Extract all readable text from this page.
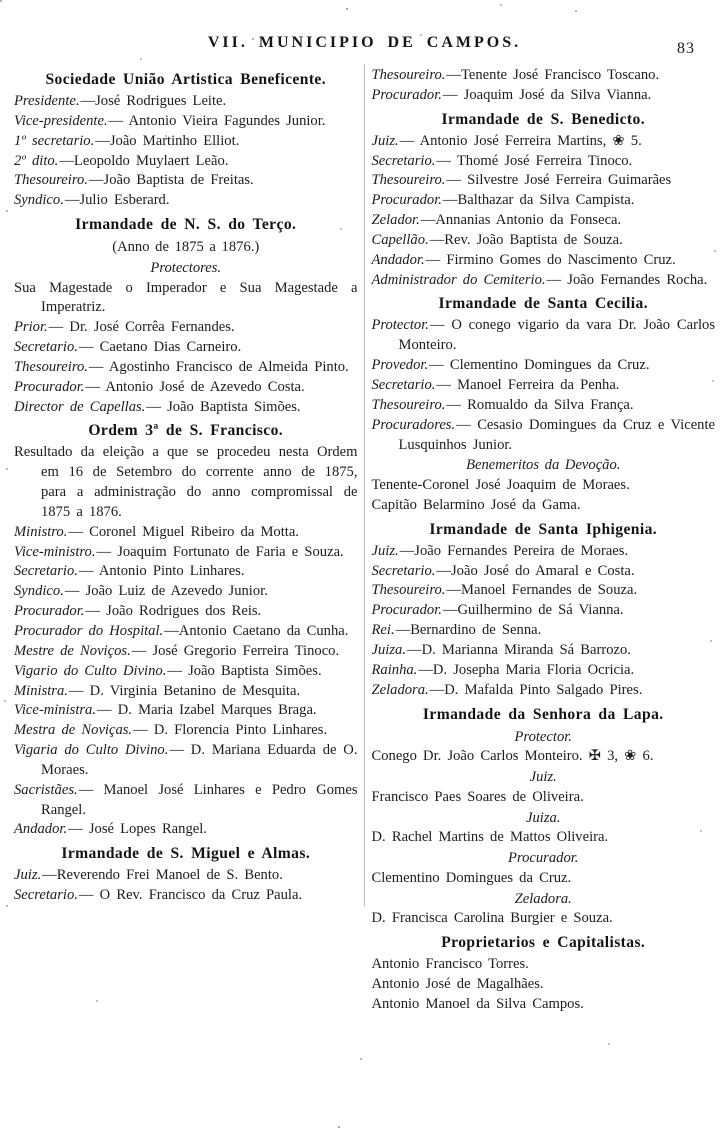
VII. MUNICIPIO DE CAMPOS.	83
Sociedade União Artistica Beneficente.

Presidente.—José Rodrigues Leite.

Vice-presidente.— Antonio Vieira Fagundes Junior.

1º secretario.—João Martinho Elliot.

2º dito.—Leopoldo Muylaert Leão.

Thesoureiro.—João Baptista de Freitas.

Syndico.—Julio Esberard.

Irmandade de N. S. do Terço.

(Anno de 1875 a 1876.)

Protectores.

Sua Magestade o Imperador e Sua Magestade a Imperatriz.

Prior.— Dr. José Corrêa Fernandes.

Secretario.— Caetano Dias Carneiro.

Thesoureiro.— Agostinho Francisco de Almeida Pinto.

Procurador.— Antonio José de Azevedo Costa.

Director de Capellas.— João Baptista Simões.

Ordem 3ª de S. Francisco.

Resultado da eleição a que se procedeu nesta Ordem em 16 de Setembro do corrente anno de 1875, para a administração do anno compromissal de 1875 a 1876.

Ministro.— Coronel Miguel Ribeiro da Motta.

Vice-ministro.— Joaquim Fortunato de Faria e Souza.

Secretario.— Antonio Pinto Linhares.

Syndico.— João Luiz de Azevedo Junior.

Procurador.— João Rodrigues dos Reis.

Procurador do Hospital.—Antonio Caetano da Cunha.

Mestre de Noviços.— José Gregorio Ferreira Tinoco.

Vigario do Culto Divino.— João Baptista Simões.

Ministra.— D. Virginia Betanino de Mesquita.

Vice-ministra.— D. Maria Izabel Marques Braga.

Mestra de Noviças.— D. Florencia Pinto Linhares.

Vigaria do Culto Divino.— D. Mariana Eduarda de O. Moraes.

Sacristães.— Manoel José Linhares e Pedro Gomes Rangel.

Andador.— José Lopes Rangel.

Irmandade de S. Miguel e Almas.

Juiz.—Reverendo Frei Manoel de S. Bento.

Secretario.— O Rev. Francisco da Cruz Paula.

Thesoureiro.—Tenente José Francisco Toscano.

Procurador.— Joaquim José da Silva Vianna.

Irmandade de S. Benedicto.

Juiz.— Antonio José Ferreira Martins, ❀ 5.

Secretario.— Thomé José Ferreira Tinoco.

Thesoureiro.— Silvestre José Ferreira Guimarães

Procurador.—Balthazar da Silva Campista.

Zelador.—Annanias Antonio da Fonseca.

Capellão.—Rev. João Baptista de Souza.

Andador.— Firmino Gomes do Nascimento Cruz.

Administrador do Cemiterio.— João Fernandes Rocha.

Irmandade de Santa Cecilia.

Protector.— O conego vigario da vara Dr. João Carlos Monteiro.

Provedor.— Clementino Domingues da Cruz.

Secretario.— Manoel Ferreira da Penha.

Thesoureiro.— Romualdo da Silva França.

Procuradores.— Cesasio Domingues da Cruz e Vicente Lusquinhos Junior.

Benemeritos da Devoção.

Tenente-Coronel José Joaquim de Moraes.

Capitão Belarmino José da Gama.

Irmandade de Santa Iphigenia.

Juiz.—João Fernandes Pereira de Moraes.

Secretario.—João José do Amaral e Costa.

Thesoureiro.—Manoel Fernandes de Souza.

Procurador.—Guilhermino de Sá Vianna.

Rei.—Bernardino de Senna.

Juiza.—D. Marianna Miranda Sá Barrozo.

Rainha.—D. Josepha Maria Floria Ocricia.

Zeladora.—D. Mafalda Pinto Salgado Pires.

Irmandade da Senhora da Lapa.

Protector.

Conego Dr. João Carlos Monteiro. ✠ 3, ❀ 6.

Juiz.

Francisco Paes Soares de Oliveira.

Juiza.

D. Rachel Martins de Mattos Oliveira.

Procurador.

Clementino Domingues da Cruz.

Zeladora.

D. Francisca Carolina Burgier e Souza.

Proprietarios e Capitalistas.

Antonio Francisco Torres.

Antonio José de Magalhães.

Antonio Manoel da Silva Campos.
